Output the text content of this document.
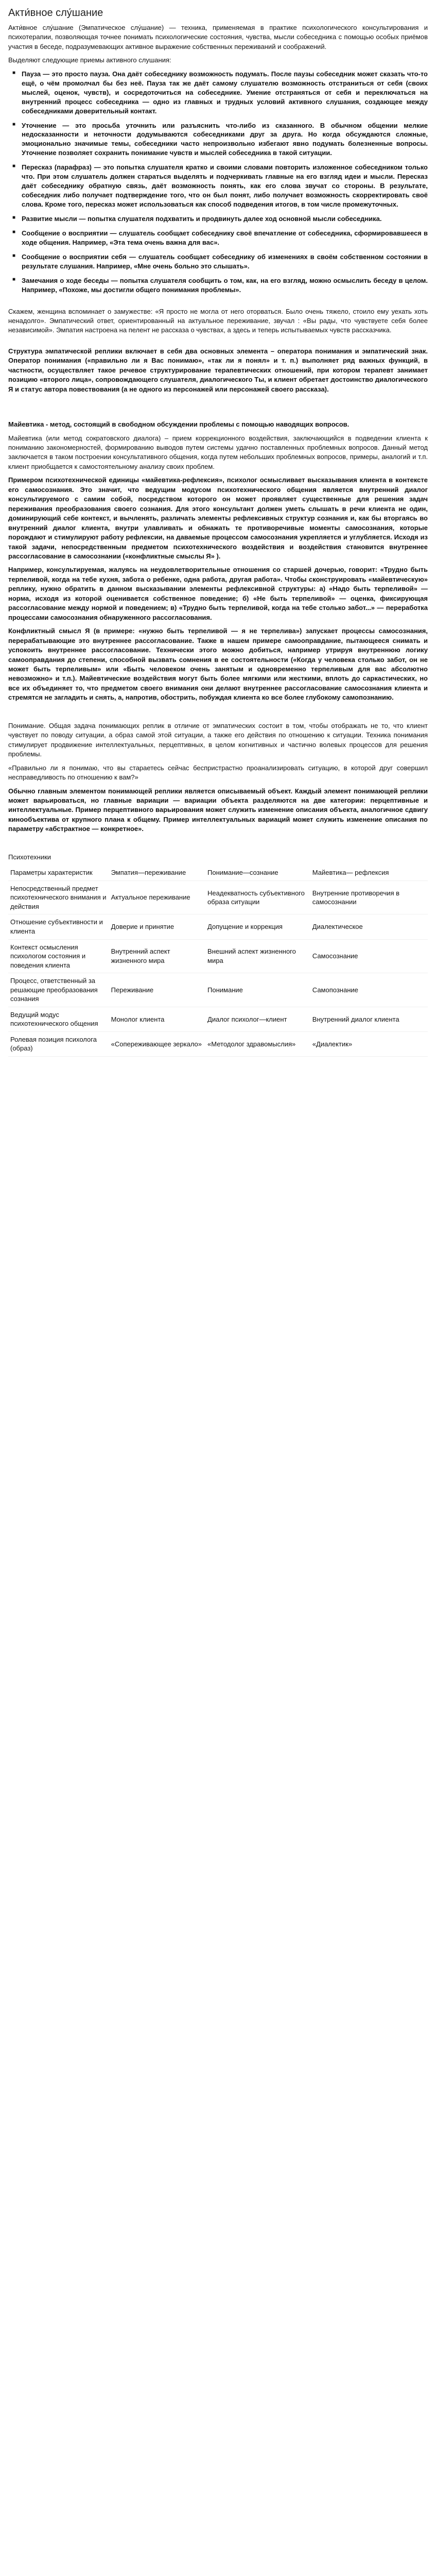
Акти́вное слу́шание

Акти́вное слу́шание (Эмпатическое слу́шание) — техника, применяемая в практике психологического консультирования и психотерапии, позволяющая точнее понимать психологические состояния, чувства, мысли собеседника с помощью особых приёмов участия в беседе, подразумевающих активное выражение собственных переживаний и соображений.

Выделяют следующие приемы активного слушания:

■ Пауза — это просто пауза. Она даёт собеседнику возможность подумать. После паузы собеседник может сказать что-то ещё, о чём промолчал бы без неё. Пауза так же даёт самому слушателю возможность отстраниться от себя (своих мыслей, оценок, чувств), и сосредоточиться на собеседнике. Умение отстраняться от себя и переключаться на внутренний процесс собеседника — одно из главных и трудных условий активного слушания, создающее между собеседниками доверительный контакт.
■ Уточнение — это просьба уточнить или разъяснить что-либо из сказанного. В обычном общении мелкие недосказанности и неточности додумываются собеседниками друг за друга. Но когда обсуждаются сложные, эмоционально значимые темы, собеседники часто непроизвольно избегают явно подумать болезненные вопросы. Уточнение позволяет сохранить понимание чувств и мыслей собеседника в такой ситуации.
■ Пересказ (парафраз) — это попытка слушателя кратко и своими словами повторить изложенное собеседником только что. При этом слушатель должен стараться выделять и подчеркивать главные на его взгляд идеи и мысли. Пересказ даёт собеседнику обратную связь, даёт возможность понять, как его слова звучат со стороны. В результате, собеседник либо получает подтверждение того, что он был понят, либо получает возможность скорректировать своё слова. Кроме того, пересказ может использоваться как способ подведения итогов, в том числе промежуточных.
■ Развитие мысли — попытка слушателя подхватить и продвинуть далее ход основной мысли собеседника.
■ Сообщение о восприятии — слушатель сообщает собеседнику своё впечатление от собеседника, сформировавшееся в ходе общения. Например, «Эта тема очень важна для вас».
■ Сообщение о восприятии себя — слушатель сообщает собеседнику об изменениях в своём собственном состоянии в результате слушания. Например, «Мне очень больно это слышать».
■ Замечания о ходе беседы — попытка слушателя сообщить о том, как, на его взгляд, можно осмыслить беседу в целом. Например, «Похоже, мы достигли общего понимания проблемы».

Скажем, женщина вспоминает о замужестве: «Я просто не могла от него оторваться. Было очень тяжело, стоило ему уехать хоть ненадолго». Эмпатический ответ, ориентированный на актуальное переживание, звучал : «Вы рады, что чувствуете себя более независимой». Эмпатия настроена на пелент не рассказа о чувствах, а здесь и теперь испытываемых чувств рассказчика.

Структура эмпатической реплики включает в себя два основных элемента – оператора понимания и эмпатический знак. Оператор понимания («правильно ли я Вас понимаю», «так ли я понял» и т. п.) выполняет ряд важных функций, в частности, осуществляет такое речевое структурирование терапевтических отношений, при котором терапевт занимает позицию «второго лица», сопровождающего слушателя, диалогического Ты, и клиент обретает достоинство диалогического Я и статус автора повествования (а не одного из персонажей или персонажей своего рассказа).

Майевтика - метод, состоящий в свободном обсуждении проблемы с помощью наводящих вопросов.

Майевтика (или метод сократовского диалога) – прием коррекционного воздействия, заключающийся в подведении клиента к пониманию закономерностей, формированию выводов путем системы удачно поставленных проблемных вопросов. Данный метод заключается в таком построении консультативного общения, когда путем небольших проблемных вопросов, примеры, аналогий и т.п. клиент приобщается к самостоятельному анализу своих проблем.

Примером психотехнической единицы «майевтика-рефлексия», психолог осмысливает высказывания клиента в контексте его самосознания. Это значит, что ведущим модусом психотехнического общения является внутренний диалог консультируемого с самим собой, посредством которого он может проявляет существенные для решения задач переживания преобразования своего сознания. Для этого консультант должен уметь слышать в речи клиента не один, доминирующий себе контекст, и вычленять, различать элементы рефлексивных структур сознания и, как бы вторгаясь во внутренний диалог клиента, внутри улавливать и обнажать те противоречивые моменты самосознания, которые порождают и стимулируют работу рефлексии, на даваемые процессом самосознания укрепляется и углубляется. Исходя из такой задачи, непосредственным предметом психотехнического воздействия и воздействия становится внутреннее рассогласование в самосознании («конфликтные смыслы Я» ).

Например, консультируемая, жалуясь на неудовлетворительные отношения со старшей дочерью, говорит: «Трудно быть терпеливой, когда на тебе кухня, забота о ребенке, одна работа, другая работа». Чтобы сконструировать «майевтическую» реплику, нужно обратить в данном высказывании элементы рефлексивной структуры: а) «Надо быть терпеливой» — норма, исходя из которой оценивается собственное поведение; б) «Не быть терпеливой» — оценка, фиксирующая рассогласование между нормой и поведением; в) «Трудно быть терпеливой, когда на тебе столько забот...» — переработка процессами самосознания обнаруженного рассогласования.

Конфликтный смысл Я (в примере: «нужно быть терпеливой — я не терпелива») запускает процессы самосознания, перерабатывающие это внутреннее рассогласование. Также в нашем примере самооправдание, пытающееся снимать и успокоить внутреннее рассогласование. Технически этого можно добиться, например утрируя внутреннюю логику самооправдания до степени, способной вызвать сомнения в ее состоятельности («Когда у человека столько забот, он не может быть терпеливым» или «Быть человеком очень занятым и одновременно терпеливым для вас абсолютно невозможно» и т.п.). Майевтические воздействия могут быть более мягкими или жесткими, вплоть до саркастических, но все их объединяет то, что предметом своего внимания они делают внутреннее рассогласование самосознания клиента и стремятся не загладить и снять, а, напротив, обострить, побуждая клиента ко все более глубокому самопознанию.

Понимание. Общая задача понимающих реплик в отличие от эмпатических состоит в том, чтобы отображать не то, что клиент чувствует по поводу ситуации, а образ самой этой ситуации, а также его действия по отношению к ситуации. Техника понимания стимулирует продвижение интеллектуальных, перцептивных, в целом когнитивных и частично волевых процессов для решения проблемы.

«Правильно ли я понимаю, что вы стараетесь сейчас беспристрастно проанализировать ситуацию, в которой друг совершил несправедливость по отношению к вам?»

Обычно главным элементом понимающей реплики является описываемый объект. Каждый элемент понимающей реплики может варьироваться, но главные вариации — вариации объекта разделяются на две категории: перцептивные и интеллектуальные. Пример перцептивного варьирования может служить изменение описания объекта, аналогичное сдвигу кинообъектива от крупного плана к общему. Пример интеллектуальных вариаций может служить изменение описания по параметру «абстрактное — конкретное».

Психотехники

Параметры характеристик	Эмпатия—переживание	Понимание—сознание	Майевтика— рефлексия
Непосредственный предмет психотехнического внимания и действия	Актуальное переживание	Неадекватность субъективного образа ситуации	Внутренние противоречия в самосознании
Отношение субъективности и клиента	Доверие и принятие	Допущение и коррекция	Диалектическое
Контекст осмысления психологом состояния и поведения клиента	Внутренний аспект жизненного мира	Внешний аспект жизненного мира	Самосознание
Процесс, ответственный за решающие преобразования сознания	Переживание	Понимание	Самопознание
Ведущий модус психотехнического общения	Монолог клиента	Диалог психолог—клиент	Внутренний диалог клиента
Ролевая позиция психолога (образ)	«Сопереживающее зеркало»	«Методолог здравомыслия»	«Диалектик»
